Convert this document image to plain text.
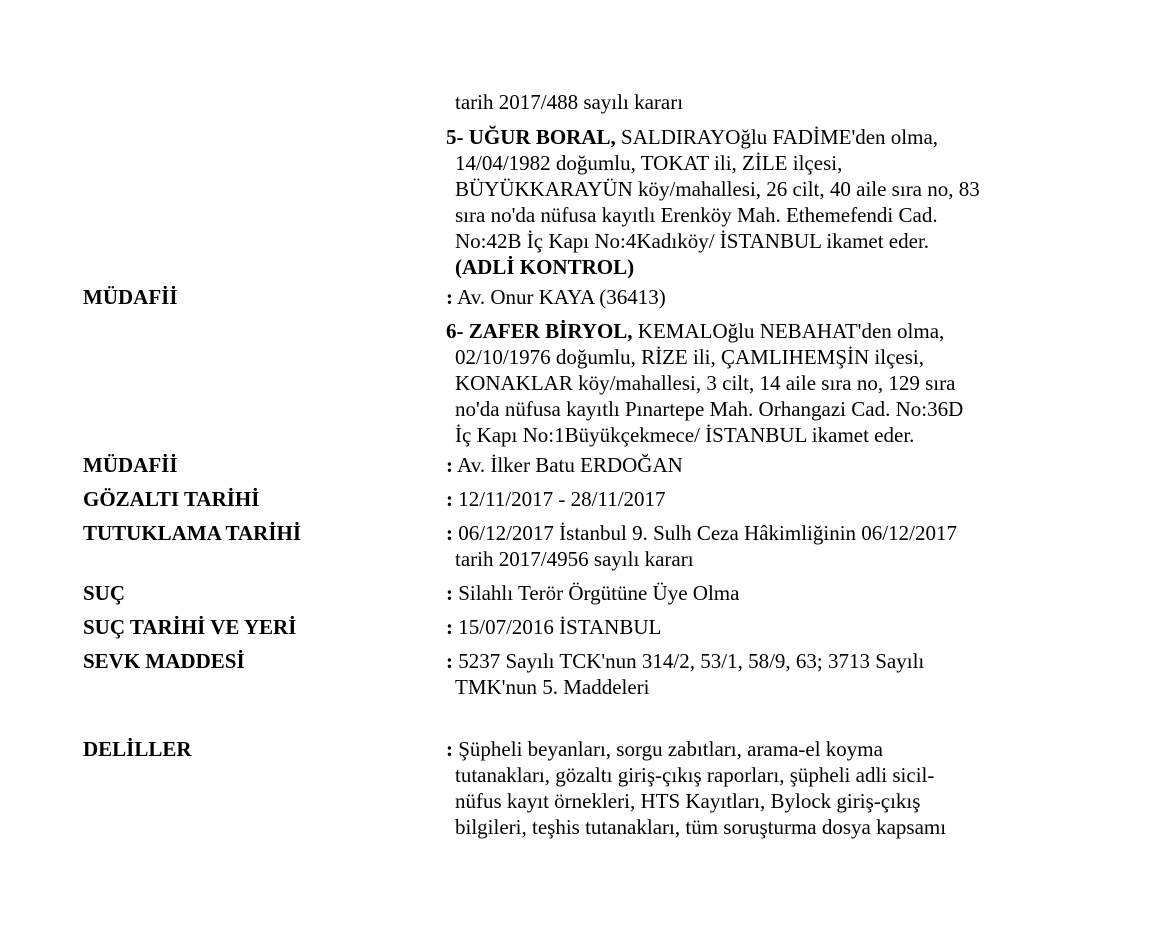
tarih 2017/488 sayılı kararı
5- UĞUR BORAL, SALDIRAYOğlu FADİME'den olma,
14/04/1982 doğumlu, TOKAT ili, ZİLE ilçesi,
BÜYÜKKARAYÜN köy/mahallesi, 26 cilt, 40 aile sıra no, 83
sıra no'da nüfusa kayıtlı Erenköy Mah. Ethemefendi Cad.
No:42B İç Kapı No:4Kadıköy/ İSTANBUL ikamet eder.
(ADLİ KONTROL)
MÜDAFİİ	: Av. Onur KAYA (36413)
6- ZAFER BİRYOL, KEMALOğlu NEBAHAT'den olma,
02/10/1976 doğumlu, RİZE ili, ÇAMLIHEMŞİN ilçesi,
KONAKLAR köy/mahallesi, 3 cilt, 14 aile sıra no, 129 sıra
no'da nüfusa kayıtlı Pınartepe Mah. Orhangazi Cad. No:36D
İç Kapı No:1Büyükçekmece/ İSTANBUL ikamet eder.
MÜDAFİİ	: Av. İlker Batu ERDOĞAN
GÖZALTI TARİHİ	: 12/11/2017 - 28/11/2017
TUTUKLAMA TARİHİ	: 06/12/2017 İstanbul 9. Sulh Ceza Hâkimliğinin 06/12/2017
tarih 2017/4956 sayılı kararı
SUÇ	: Silahlı Terör Örgütüne Üye Olma
SUÇ TARİHİ VE YERİ	: 15/07/2016 İSTANBUL
SEVK MADDESİ	: 5237 Sayılı TCK'nun 314/2, 53/1, 58/9, 63; 3713 Sayılı
TMK'nun 5. Maddeleri
DELİLLER	: Şüpheli beyanları, sorgu zabıtları, arama-el koyma
tutanakları, gözaltı giriş-çıkış raporları, şüpheli adli sicil-
nüfus kayıt örnekleri, HTS Kayıtları, Bylock giriş-çıkış
bilgileri, teşhis tutanakları, tüm soruşturma dosya kapsamı
